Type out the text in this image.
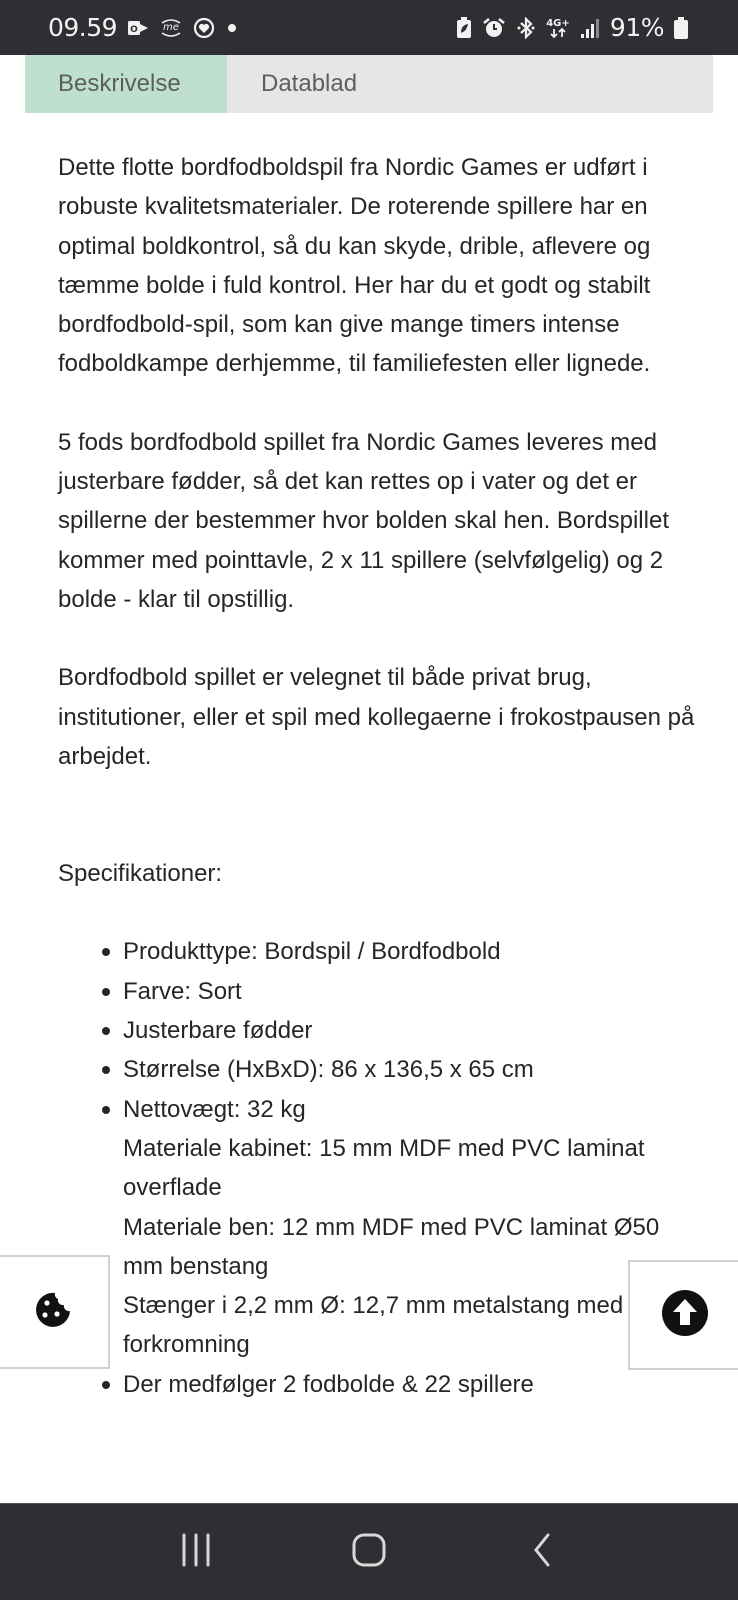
09.59 O	me	4G+ 91%
Beskrivelse	Datablad

Dette flotte bordfodboldspil fra Nordic Games er udført i robuste kvalitetsmaterialer. De roterende spillere har en optimal boldkontrol, så du kan skyde, drible, aflevere og tæmme bolde i fuld kontrol. Her har du et godt og stabilt bordfodbold-spil, som kan give mange timers intense fodboldkampe derhjemme, til familiefesten eller lignede.

5 fods bordfodbold spillet fra Nordic Games leveres med justerbare fødder, så det kan rettes op i vater og det er spillerne der bestemmer hvor bolden skal hen. Bordspillet kommer med pointtavle, 2 x 11 spillere (selvfølgelig) og 2 bolde - klar til opstillig.

Bordfodbold spillet er velegnet til både privat brug, institutioner, eller et spil med kollegaerne i frokostpausen på arbejdet.

Specifikationer:
Produkttype: Bordspil / Bordfodbold
Farve: Sort
Justerbare fødder
Størrelse (HxBxD): 86 x 136,5 x 65 cm
Nettovægt: 32 kg
Materiale kabinet: 15 mm MDF med PVC laminat overflade
Materiale ben: 12 mm MDF med PVC laminat Ø50 mm benstang
Stænger i 2,2 mm Ø: 12,7 mm metalstang med forkromning
Der medfølger 2 fodbolde & 22 spillere
